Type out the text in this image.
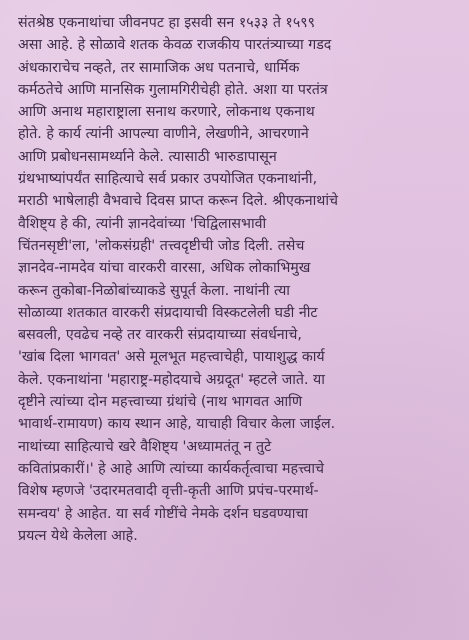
संतश्रेष्ठ एकनाथांचा जीवनपट हा इसवी सन १५३३ ते १५९९
असा आहे. हे सोळावे शतक केवळ राजकीय पारतंत्र्याच्या गडद
अंधकाराचेच नव्हते, तर सामाजिक अध पतनाचे, धार्मिक
कर्मठतेचे आणि मानसिक गुलामगिरीचेही होते. अशा या परतंत्र
आणि अनाथ महाराष्ट्राला सनाथ करणारे, लोकनाथ एकनाथ
होते. हे कार्य त्यांनी आपल्या वाणीने, लेखणीने, आचरणाने
आणि प्रबोधनसामर्थ्याने केले. त्यासाठी भारुडापासून
ग्रंथभाष्यांपर्यंत साहित्याचे सर्व प्रकार उपयोजित एकनाथांनी,
मराठी भाषेलाही वैभवाचे दिवस प्राप्त करून दिले. श्रीएकनाथांचे
वैशिष्ट्य हे की, त्यांनी ज्ञानदेवांच्या 'चिद्विलासभावी
चिंतनसृष्टी'ला, 'लोकसंग्रही' तत्त्वदृष्टीची जोड दिली. तसेच
ज्ञानदेव-नामदेव यांचा वारकरी वारसा, अधिक लोकाभिमुख
करून तुकोबा-निळोबांच्याकडे सुपूर्त केला. नाथांनी त्या
सोळाव्या शतकात वारकरी संप्रदायाची विस्कटलेली घडी नीट
बसवली, एवढेच नव्हे तर वारकरी संप्रदायाच्या संवर्धनाचे,
'खांब दिला भागवत' असे मूलभूत महत्त्वाचेही, पायाशुद्ध कार्य
केले. एकनाथांना 'महाराष्ट्र-महोदयाचे अग्रदूत' म्हटले जाते. या
दृष्टीने त्यांच्या दोन महत्त्वाच्या ग्रंथांचे (नाथ भागवत आणि
भावार्थ-रामायण) काय स्थान आहे, याचाही विचार केला जाईल.
नाथांच्या साहित्याचे खरे वैशिष्ट्य 'अध्यामतंतू न तुटे
कवितांप्रकारीं।' हे आहे आणि त्यांच्या कार्यकर्तृत्वाचा महत्त्वाचे
विशेष म्हणजे 'उदारमतवादी वृत्ती-कृती आणि प्रपंच-परमार्थ-
समन्वय' हे आहेत. या सर्व गोष्टींचे नेमके दर्शन घडवण्याचा
प्रयत्न येथे केलेला आहे.
